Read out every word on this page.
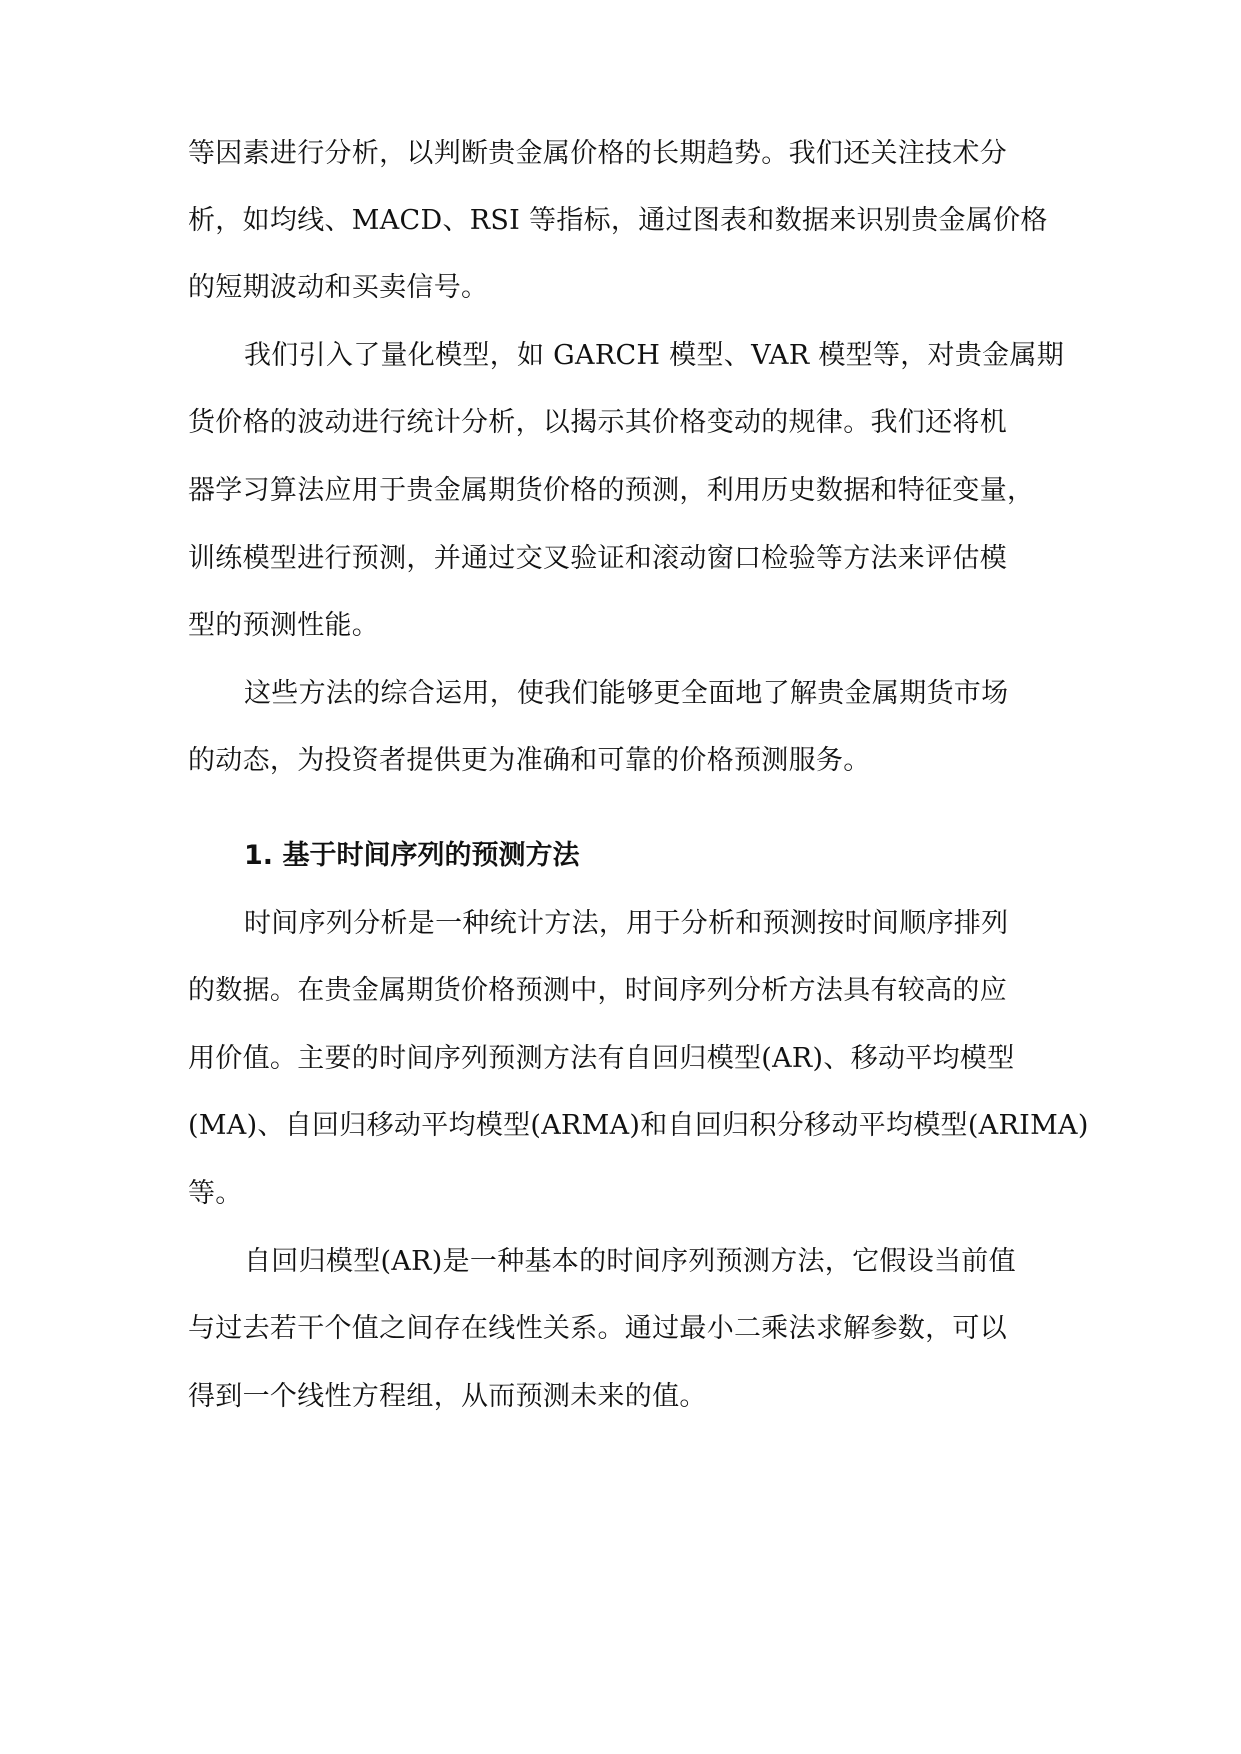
等因素进行分析，以判断贵金属价格的长期趋势。我们还关注技术分
析，如均线、MACD、RSI 等指标，通过图表和数据来识别贵金属价格
的短期波动和买卖信号。
我们引入了量化模型，如 GARCH 模型、VAR 模型等，对贵金属期
货价格的波动进行统计分析，以揭示其价格变动的规律。我们还将机
器学习算法应用于贵金属期货价格的预测，利用历史数据和特征变量，
训练模型进行预测，并通过交叉验证和滚动窗口检验等方法来评估模
型的预测性能。
这些方法的综合运用，使我们能够更全面地了解贵金属期货市场
的动态，为投资者提供更为准确和可靠的价格预测服务。
1. 基于时间序列的预测方法
时间序列分析是一种统计方法，用于分析和预测按时间顺序排列
的数据。在贵金属期货价格预测中，时间序列分析方法具有较高的应
用价值。主要的时间序列预测方法有自回归模型(AR)、移动平均模型
(MA)、自回归移动平均模型(ARMA)和自回归积分移动平均模型(ARIMA)
等。
自回归模型(AR)是一种基本的时间序列预测方法，它假设当前值
与过去若干个值之间存在线性关系。通过最小二乘法求解参数，可以
得到一个线性方程组，从而预测未来的值。
